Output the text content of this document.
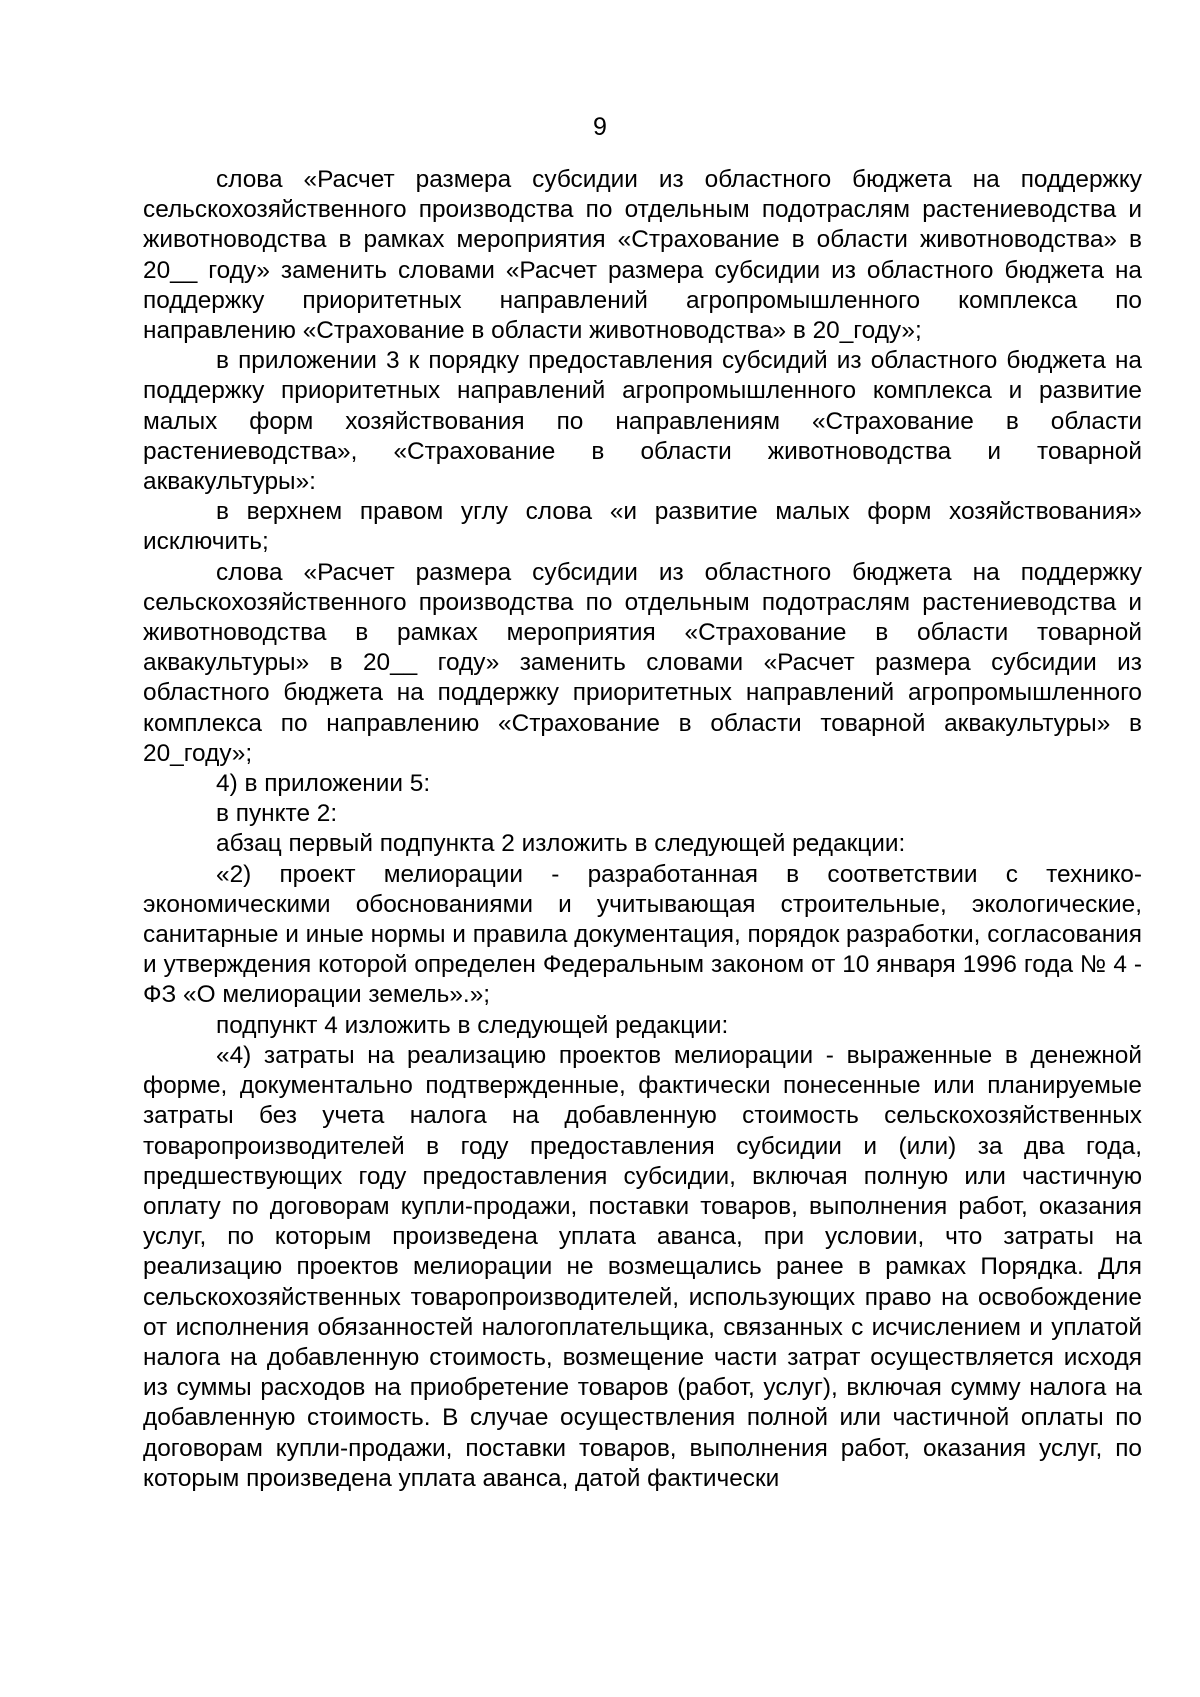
9

слова «Расчет размера субсидии из областного бюджета на поддержку сельскохозяйственного производства по отдельным подотраслям растениеводства и животноводства в рамках мероприятия «Страхование в области животноводства» в 20__ году» заменить словами «Расчет размера субсидии из областного бюджета на поддержку приоритетных направлений агропромышленного комплекса по направлению «Страхование в области животноводства» в 20_году»;

в приложении 3 к порядку предоставления субсидий из областного бюджета на поддержку приоритетных направлений агропромышленного комплекса и развитие малых форм хозяйствования по направлениям «Страхование в области растениеводства», «Страхование в области животноводства и товарной аквакультуры»:

в верхнем правом углу слова «и развитие малых форм хозяйствования» исключить;

слова «Расчет размера субсидии из областного бюджета на поддержку сельскохозяйственного производства по отдельным подотраслям растениеводства и животноводства в рамках мероприятия «Страхование в области товарной аквакультуры» в 20__ году» заменить словами «Расчет размера субсидии из областного бюджета на поддержку приоритетных направлений агропромышленного комплекса по направлению «Страхование в области товарной аквакультуры» в 20_году»;

4) в приложении 5:

в пункте 2:

абзац первый подпункта 2 изложить в следующей редакции:

«2) проект мелиорации - разработанная в соответствии с технико-экономическими обоснованиями и учитывающая строительные, экологические, санитарные и иные нормы и правила документация, порядок разработки, согласования и утверждения которой определен Федеральным законом от 10 января 1996 года № 4 - ФЗ «О мелиорации земель».»;

подпункт 4 изложить в следующей редакции:

«4) затраты на реализацию проектов мелиорации - выраженные в денежной форме, документально подтвержденные, фактически понесенные или планируемые затраты без учета налога на добавленную стоимость сельскохозяйственных товаропроизводителей в году предоставления субсидии и (или) за два года, предшествующих году предоставления субсидии, включая полную или частичную оплату по договорам купли-продажи, поставки товаров, выполнения работ, оказания услуг, по которым произведена уплата аванса, при условии, что затраты на реализацию проектов мелиорации не возмещались ранее в рамках Порядка. Для сельскохозяйственных товаропроизводителей, использующих право на освобождение от исполнения обязанностей налогоплательщика, связанных с исчислением и уплатой налога на добавленную стоимость, возмещение части затрат осуществляется исходя из суммы расходов на приобретение товаров (работ, услуг), включая сумму налога на добавленную стоимость. В случае осуществления полной или частичной оплаты по договорам купли-продажи, поставки товаров, выполнения работ, оказания услуг, по которым произведена уплата аванса, датой фактически
